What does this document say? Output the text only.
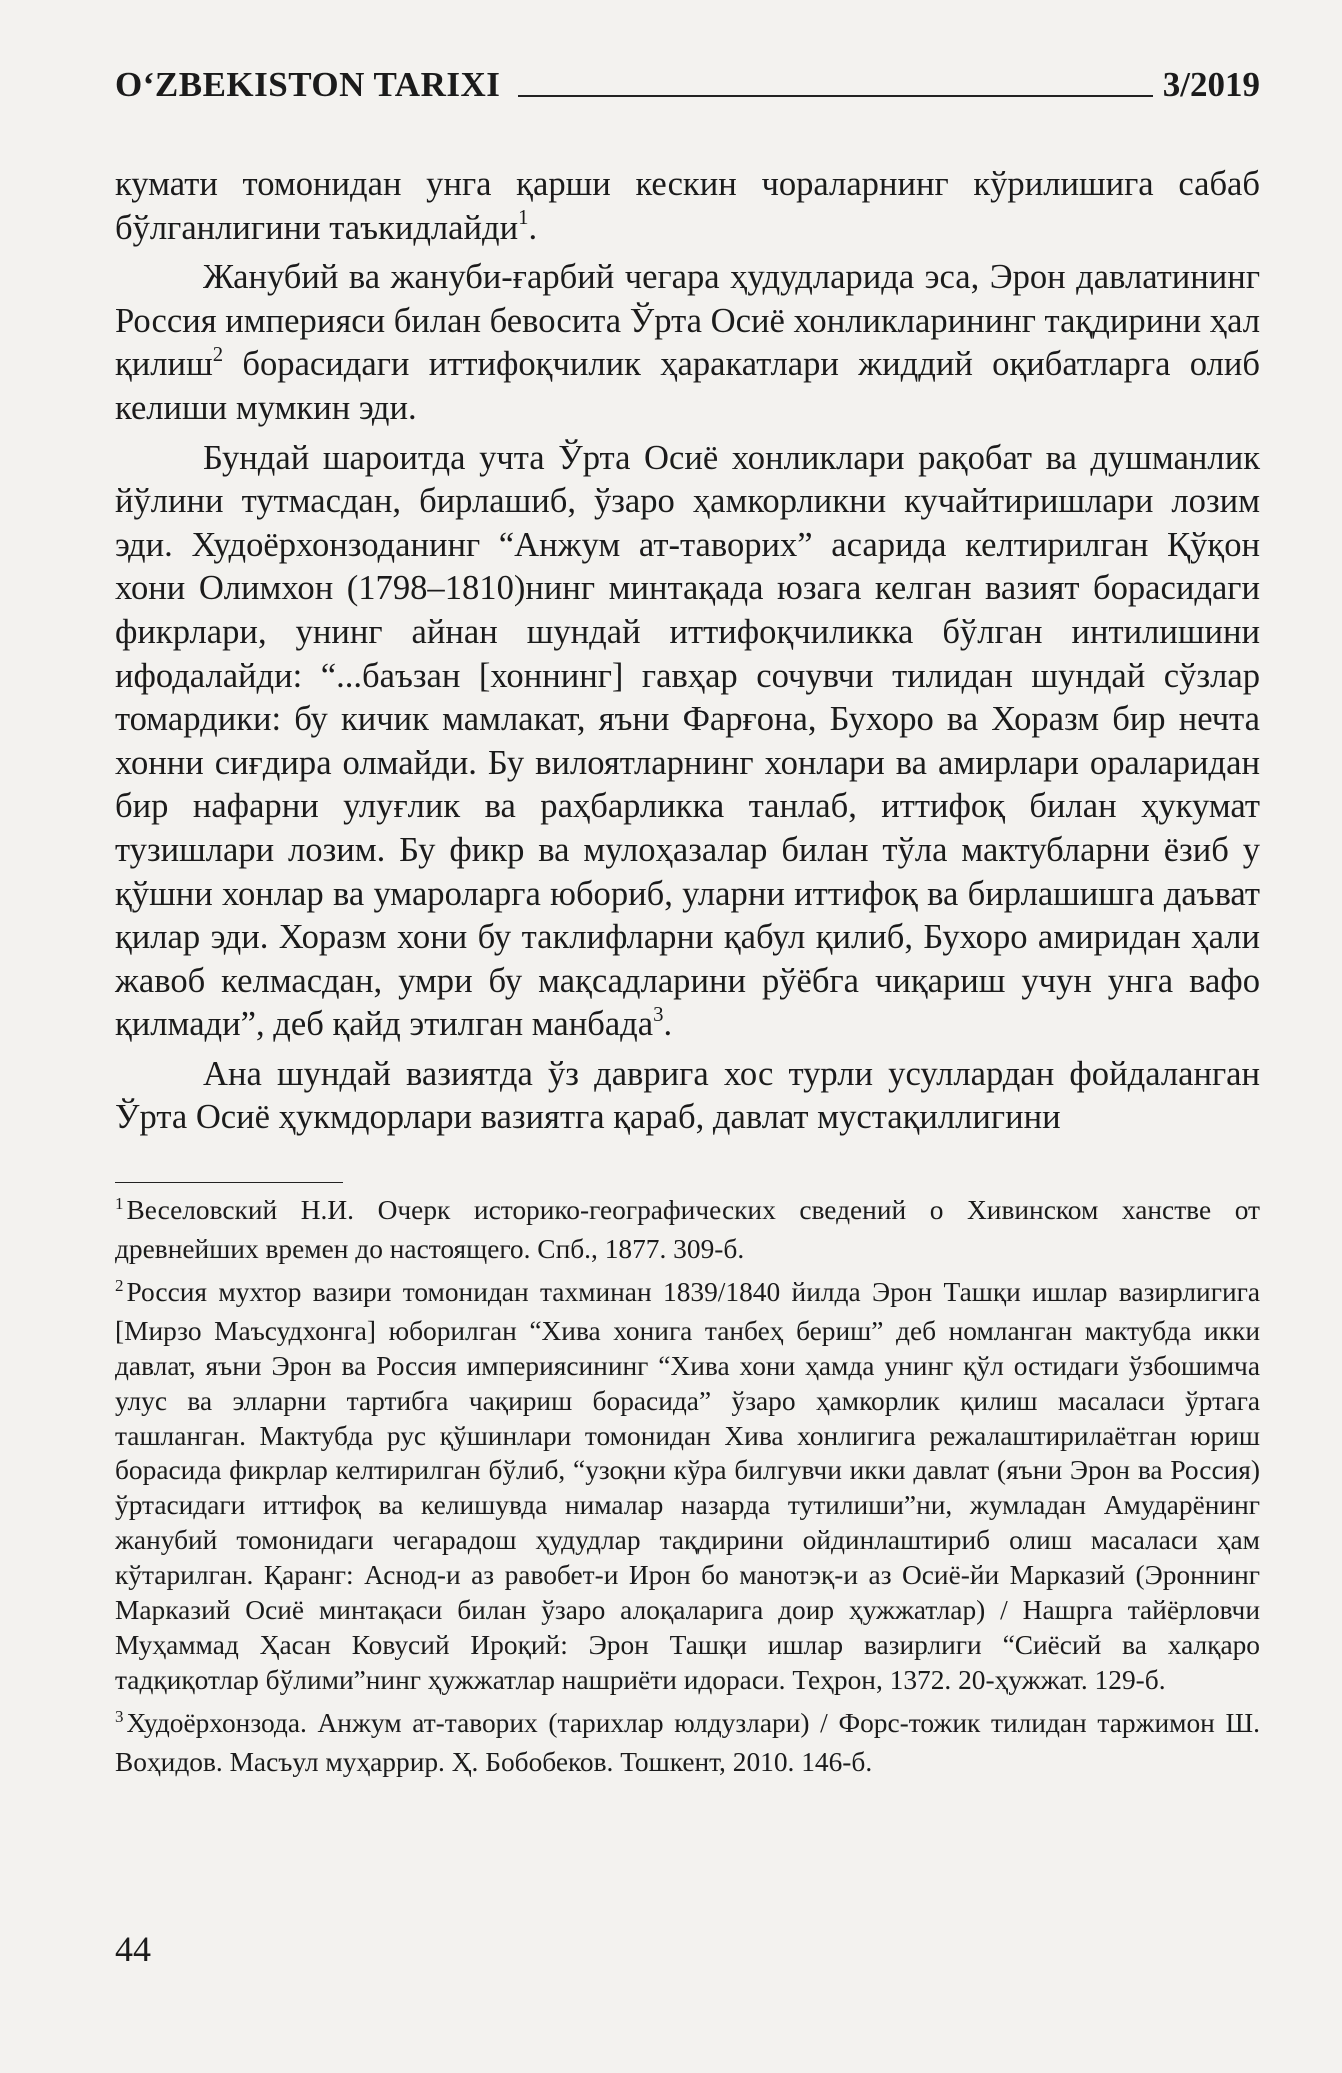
O‘ZBEKISTON TARIXI	3/2019

кумати томонидан унга қарши кескин чораларнинг кўрилишига сабаб бўлганлигини таъкидлайди$^1$.

Жанубий ва жануби-ғарбий чегара ҳудудларида эса, Эрон давлатининг Россия империяси билан бевосита Ўрта Осиё хонликларининг тақдирини ҳал қилиш$^2$ борасидаги иттифоқчилик ҳаракатлари жиддий оқибатларга олиб келиши мумкин эди.

Бундай шароитда учта Ўрта Осиё хонликлари рақобат ва душманлик йўлини тутмасдан, бирлашиб, ўзаро ҳамкорликни кучайтиришлари лозим эди. Худоёрхонзоданинг “Анжум ат-таворих” асарида келтирилган Қўқон хони Олимхон (1798–1810)нинг минтақада юзага келган вазият борасидаги фикрлари, унинг айнан шундай иттифоқчиликка бўлган интилишини ифодалайди: “...баъзан [хоннинг] гавҳар сочувчи тилидан шундай сўзлар томардики: бу кичик мамлакат, яъни Фарғона, Бухоро ва Хоразм бир нечта хонни сиғдира олмайди. Бу вилоятларнинг хонлари ва амирлари ораларидан бир нафарни улуғлик ва раҳбарликка танлаб, иттифоқ билан ҳукумат тузишлари лозим. Бу фикр ва мулоҳазалар билан тўла мактубларни ёзиб у қўшни хонлар ва умароларга юбориб, уларни иттифоқ ва бирлашишга даъват қилар эди. Хоразм хони бу таклифларни қабул қилиб, Бухоро амиридан ҳали жавоб келмасдан, умри бу мақсадларини рўёбга чиқариш учун унга вафо қилмади”, деб қайд этилган манбада$^3$.

Ана шундай вазиятда ўз даврига хос турли усуллардан фойдаланган Ўрта Осиё ҳукмдорлари вазиятга қараб, давлат мустақиллигини

$^1$ Веселовский Н.И. Очерк историко-географических сведений о Хивинском ханстве от древнейших времен до настоящего. Спб., 1877. 309-б.

$^2$ Россия мухтор вазири томонидан тахминан 1839/1840 йилда Эрон Ташқи ишлар вазирлигига [Мирзо Маъсудхонга] юборилган “Хива хонига танбеҳ бериш” деб номланган мактубда икки давлат, яъни Эрон ва Россия империясининг “Хива хони ҳамда унинг қўл остидаги ўзбошимча улус ва элларни тартибга чақириш борасида” ўзаро ҳамкорлик қилиш масаласи ўртага ташланган. Мактубда рус қўшинлари томонидан Хива хонлигига режалаштирилаётган юриш борасида фикрлар келтирилган бўлиб, “узоқни кўра билгувчи икки давлат (яъни Эрон ва Россия) ўртасидаги иттифоқ ва келишувда нималар назарда тутилиши”ни, жумладан Амударёнинг жанубий томонидаги чегарадош ҳудудлар тақдирини ойдинлаштириб олиш масаласи ҳам кўтарилган. Қаранг: Аснод-и аз равобет-и Ирон бо манотэқ-и аз Осиё-йи Марказий (Эроннинг Марказий Осиё минтақаси билан ўзаро алоқаларига доир ҳужжатлар) / Нашрга тайёрловчи Муҳаммад Ҳасан Ковусий Ироқий: Эрон Ташқи ишлар вазирлиги “Сиёсий ва халқаро тадқиқотлар бўлими”нинг ҳужжатлар нашриёти идораси. Теҳрон, 1372. 20-ҳужжат. 129-б.

$^3$ Худоёрхонзода. Анжум ат-таворих (тарихлар юлдузлари) / Форс-тожик тилидан таржимон Ш. Воҳидов. Масъул муҳаррир. Ҳ. Бобобеков. Тошкент, 2010. 146-б.

44
